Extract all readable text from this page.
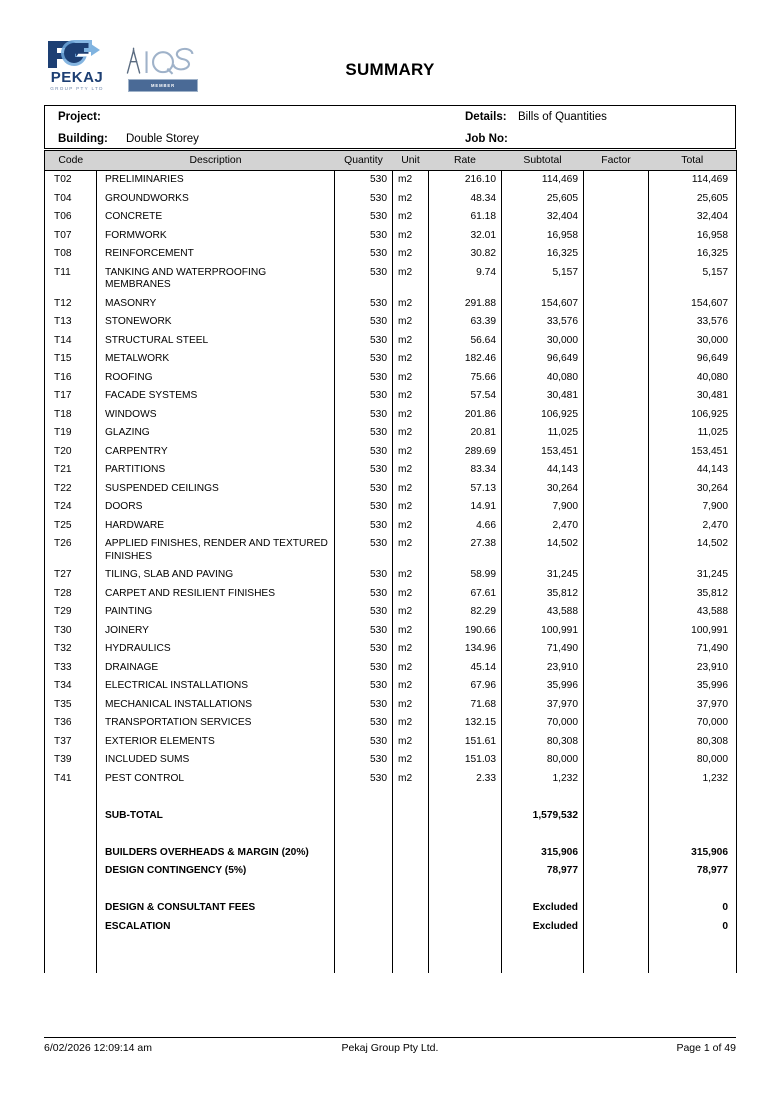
PEKAJ
GROUP PTY LTD
MEMBER
SUMMARY
Project:	Details: Bills of Quantities
Building:	Double Storey	Job No:
Code	Description	Quantity	Unit	Rate	Subtotal	Factor	Total
T02	PRELIMINARIES	530	m2	216.10	114,469		114,469
T04	GROUNDWORKS	530	m2	48.34	25,605		25,605
T06	CONCRETE	530	m2	61.18	32,404		32,404
T07	FORMWORK	530	m2	32.01	16,958		16,958
T08	REINFORCEMENT	530	m2	30.82	16,325		16,325
T11	TANKING AND WATERPROOFING MEMBRANES	530	m2	9.74	5,157		5,157
T12	MASONRY	530	m2	291.88	154,607		154,607
T13	STONEWORK	530	m2	63.39	33,576		33,576
T14	STRUCTURAL STEEL	530	m2	56.64	30,000		30,000
T15	METALWORK	530	m2	182.46	96,649		96,649
T16	ROOFING	530	m2	75.66	40,080		40,080
T17	FACADE SYSTEMS	530	m2	57.54	30,481		30,481
T18	WINDOWS	530	m2	201.86	106,925		106,925
T19	GLAZING	530	m2	20.81	11,025		11,025
T20	CARPENTRY	530	m2	289.69	153,451		153,451
T21	PARTITIONS	530	m2	83.34	44,143		44,143
T22	SUSPENDED CEILINGS	530	m2	57.13	30,264		30,264
T24	DOORS	530	m2	14.91	7,900		7,900
T25	HARDWARE	530	m2	4.66	2,470		2,470
T26	APPLIED FINISHES, RENDER AND TEXTURED FINISHES	530	m2	27.38	14,502		14,502
T27	TILING, SLAB AND PAVING	530	m2	58.99	31,245		31,245
T28	CARPET AND RESILIENT FINISHES	530	m2	67.61	35,812		35,812
T29	PAINTING	530	m2	82.29	43,588		43,588
T30	JOINERY	530	m2	190.66	100,991		100,991
T32	HYDRAULICS	530	m2	134.96	71,490		71,490
T33	DRAINAGE	530	m2	45.14	23,910		23,910
T34	ELECTRICAL INSTALLATIONS	530	m2	67.96	35,996		35,996
T35	MECHANICAL INSTALLATIONS	530	m2	71.68	37,970		37,970
T36	TRANSPORTATION SERVICES	530	m2	132.15	70,000		70,000
T37	EXTERIOR ELEMENTS	530	m2	151.61	80,308		80,308
T39	INCLUDED SUMS	530	m2	151.03	80,000		80,000
T41	PEST CONTROL	530	m2	2.33	1,232		1,232

	SUB-TOTAL				1,579,532		

	BUILDERS OVERHEADS & MARGIN (20%)				315,906		315,906
	DESIGN CONTINGENCY (5%)				78,977		78,977

	DESIGN & CONSULTANT FEES				Excluded		0
	ESCALATION				Excluded		0

6/02/2026 12:09:14 am	Pekaj Group Pty Ltd.	Page 1 of 49
